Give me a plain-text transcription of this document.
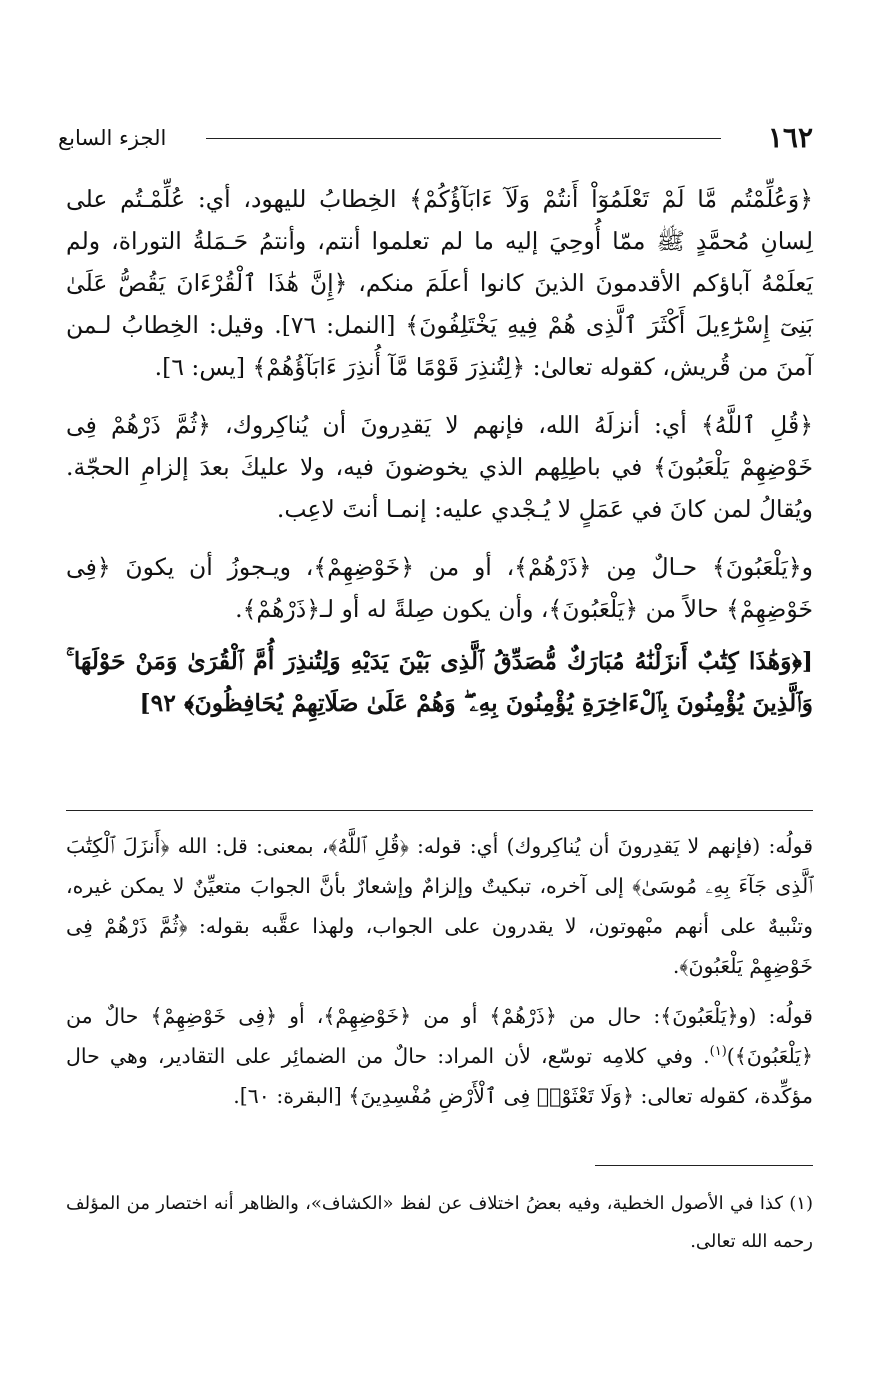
١٦٢
الجزء السابع

﴿وَعُلِّمْتُم مَّا لَمْ تَعْلَمُوٓاْ أَنتُمْ وَلَآ ءَابَآؤُكُمْ﴾ الخِطابُ لليهود، أي: عُلِّمْـتُم على لِسانِ مُحمَّدٍ ﷺ ممّا أُوحِيَ إليه ما لم تعلموا أنتم، وأنتمُ حَـمَلةُ التوراة، ولم يَعلَمْهُ آباؤكم الأقدمونَ الذينَ كانوا أعلَمَ منكم، ﴿إِنَّ هَٰذَا ٱلْقُرْءَانَ يَقُصُّ عَلَىٰ بَنِىٓ إِسْرَٰٓءِيلَ أَكْثَرَ ٱلَّذِى هُمْ فِيهِ يَخْتَلِفُونَ﴾ [النمل: ٧٦]. وقيل: الخِطابُ لـمن آمنَ من قُريش، كقوله تعالىٰ: ﴿لِتُنذِرَ قَوْمًا مَّآ أُنذِرَ ءَابَآؤُهُمْ﴾ [يس: ٦].

﴿قُلِ ٱللَّهُ﴾ أي: أنزلَهُ الله، فإنهم لا يَقدِرونَ أن يُناكِروك، ﴿ثُمَّ ذَرْهُمْ فِى خَوْضِهِمْ يَلْعَبُونَ﴾ في باطِلِهم الذي يخوضونَ فيه، ولا عليكَ بعدَ إلزامِ الحجّة. ويُقالُ لمن كانَ في عَمَلٍ لا يُـجْدي عليه: إنمـا أنتَ لاعِب.

و﴿يَلْعَبُونَ﴾ حـالٌ مِن ﴿ذَرْهُمْ﴾، أو من ﴿خَوْضِهِمْ﴾، ويـجوزُ أن يكونَ ﴿فِى خَوْضِهِمْ﴾ حالاً من ﴿يَلْعَبُونَ﴾، وأن يكون صِلةً له أو لـ﴿ذَرْهُمْ﴾.

[﴿وَهَٰذَا كِتَٰبٌ أَنزَلْنَٰهُ مُبَارَكٌ مُّصَدِّقُ ٱلَّذِى بَيْنَ يَدَيْهِ وَلِتُنذِرَ أُمَّ ٱلْقُرَىٰ وَمَنْ حَوْلَهَا ۚ وَٱلَّذِينَ يُؤْمِنُونَ بِٱلْءَاخِرَةِ يُؤْمِنُونَ بِهِۦ ۖ وَهُمْ عَلَىٰ صَلَاتِهِمْ يُحَافِظُونَ﴾ ٩٢]

قولُه: (فإنهم لا يَقدِرونَ أن يُناكِروك) أي: قوله: ﴿قُلِ ٱللَّهُ﴾، بمعنى: قل: الله ﴿أَنزَلَ ٱلْكِتَٰبَ ٱلَّذِى جَآءَ بِهِۦ مُوسَىٰ﴾ إلى آخره، تبكيتٌ وإلزامٌ وإشعارٌ بأنَّ الجوابَ متعيِّنٌ لا يمكن غيره، وتنْبيهٌ على أنهم مبْهوتون، لا يقدرون على الجواب، ولهذا عقَّبه بقوله: ﴿ثُمَّ ذَرْهُمْ فِى خَوْضِهِمْ يَلْعَبُونَ﴾.

قولُه: (و﴿يَلْعَبُونَ﴾: حال من ﴿ذَرْهُمْ﴾ أو من ﴿خَوْضِهِمْ﴾، أو ﴿فِى خَوْضِهِمْ﴾ حالٌ من ﴿يَلْعَبُونَ﴾)$^{(١)}$. وفي كلامِه توسّع، لأن المراد: حالٌ من الضمائِر على التقادير، وهي حال مؤكِّدة، كقوله تعالى: ﴿وَلَا تَعْثَوْا۟ فِى ٱلْأَرْضِ مُفْسِدِينَ﴾ [البقرة: ٦٠].

(١) كذا في الأصول الخطية، وفيه بعضُ اختلاف عن لفظ «الكشاف»، والظاهر أنه اختصار من المؤلف رحمه الله تعالى.
